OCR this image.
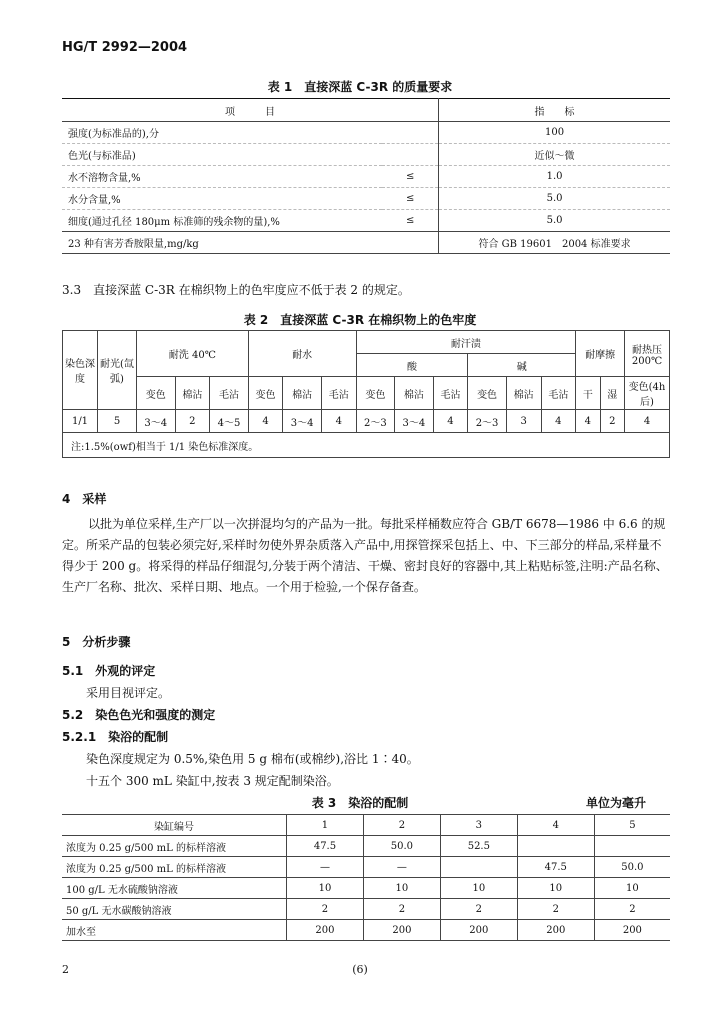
HG/T 2992—2004
表 1　直接深蓝 C-3R 的质量要求
项　　　目		指　　标
强度(为标准品的),分		100
色光(与标准品)		近似～微
水不溶物含量,%	≤	1.0
水分含量,%	≤	5.0
细度(通过孔径 180μm 标准筛的残余物的量),%	≤	5.0
23 种有害芳香胺限量,mg/kg		符合 GB 19601　2004 标准要求
3.3　直接深蓝 C-3R 在棉织物上的色牢度应不低于表 2 的规定。
表 2　直接深蓝 C-3R 在棉织物上的色牢度
染色深度	耐光(氙弧)	耐洗 40℃			耐水			耐汗渍						耐摩擦		耐热压 200℃
								酸			碱					
		变色	棉沾	毛沾	变色	棉沾	毛沾	变色	棉沾	毛沾	变色	棉沾	毛沾	干	湿	变色(4h 后)
1/1	5	3～4	2	4～5	4	3～4	4	2～3	3～4	4	2～3	3	4	4	2	4
注:1.5%(owf)相当于 1/1 染色标准深度。																
4　采样
以批为单位采样,生产厂以一次拼混均匀的产品为一批。每批采样桶数应符合 GB/T 6678—1986 中 6.6 的规定。所采产品的包装必须完好,采样时勿使外界杂质落入产品中,用探管探采包括上、中、下三部分的样品,采样量不得少于 200 g。将采得的样品仔细混匀,分装于两个清洁、干燥、密封良好的容器中,其上粘贴标签,注明:产品名称、生产厂名称、批次、采样日期、地点。一个用于检验,一个保存备查。
5　分析步骤
5.1　外观的评定
采用目视评定。
5.2　染色色光和强度的测定
5.2.1　染浴的配制
染色深度规定为 0.5%,染色用 5 g 棉布(或棉纱),浴比 1∶40。
十五个 300 mL 染缸中,按表 3 规定配制染浴。
表 3　染浴的配制	单位为毫升
染缸编号	1	2	3	4	5
浓度为 0.25 g/500 mL 的标样溶液	47.5	50.0	52.5		
浓度为 0.25 g/500 mL 的标样溶液	—	—		47.5	50.0
100 g/L 无水硫酸钠溶液	10	10	10	10	10
50 g/L 无水碳酸钠溶液	2	2	2	2	2
加水至	200	200	200	200	200
2	(6)
